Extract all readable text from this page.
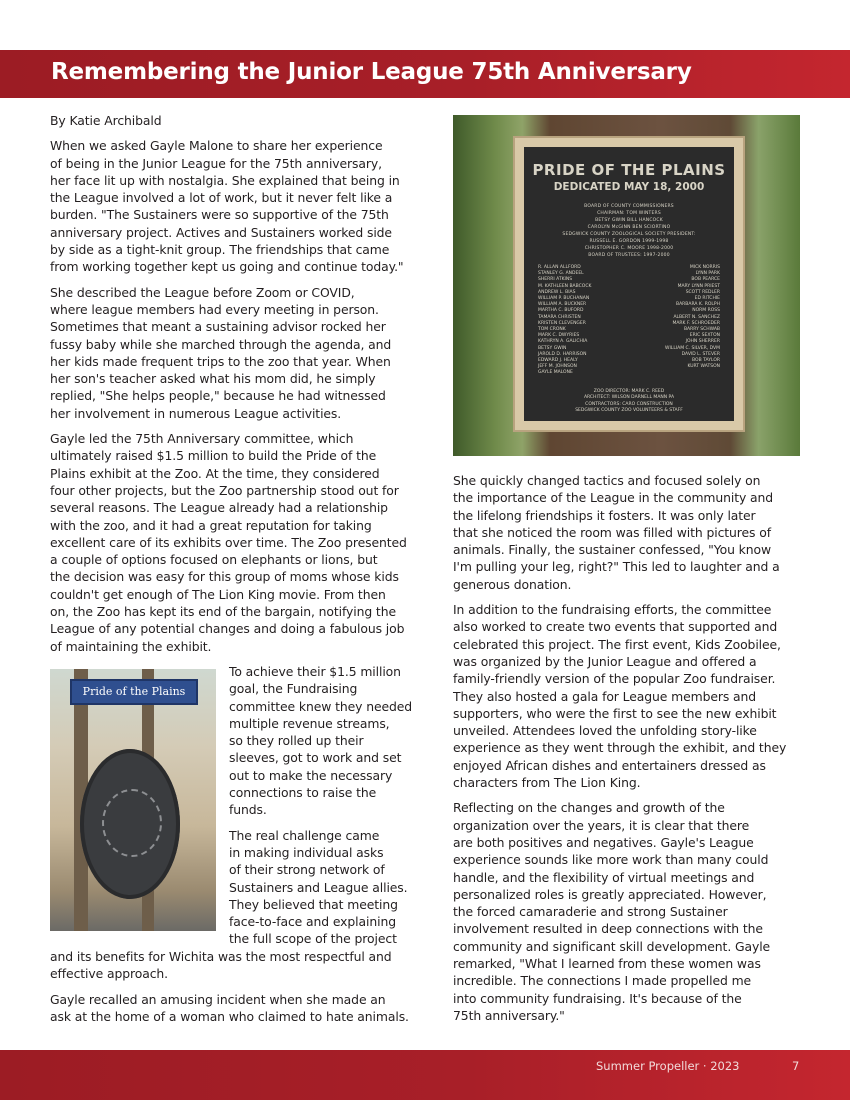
Remembering the Junior League 75th Anniversary

By Katie Archibald

When we asked Gayle Malone to share her experience
of being in the Junior League for the 75th anniversary,
her face lit up with nostalgia. She explained that being in
the League involved a lot of work, but it never felt like a
burden. "The Sustainers were so supportive of the 75th
anniversary project. Actives and Sustainers worked side
by side as a tight-knit group. The friendships that came
from working together kept us going and continue today."

She described the League before Zoom or COVID,
where league members had every meeting in person.
Sometimes that meant a sustaining advisor rocked her
fussy baby while she marched through the agenda, and
her kids made frequent trips to the zoo that year. When
her son's teacher asked what his mom did, he simply
replied, "She helps people," because he had witnessed
her involvement in numerous League activities.

Gayle led the 75th Anniversary committee, which
ultimately raised $1.5 million to build the Pride of the
Plains exhibit at the Zoo. At the time, they considered
four other projects, but the Zoo partnership stood out for
several reasons. The League already had a relationship
with the zoo, and it had a great reputation for taking
excellent care of its exhibits over time. The Zoo presented
a couple of options focused on elephants or lions, but
the decision was easy for this group of moms whose kids
couldn't get enough of The Lion King movie. From then
on, the Zoo has kept its end of the bargain, notifying the
League of any potential changes and doing a fabulous job
of maintaining the exhibit.

Pride of the Plains

To achieve their $1.5 million
goal, the Fundraising
committee knew they needed
multiple revenue streams,
so they rolled up their
sleeves, got to work and set
out to make the necessary
connections to raise the
funds.

The real challenge came
in making individual asks
of their strong network of
Sustainers and League allies.
They believed that meeting
face-to-face and explaining
the full scope of the project

and its benefits for Wichita was the most respectful and
effective approach.

Gayle recalled an amusing incident when she made an
ask at the home of a woman who claimed to hate animals.

PRIDE OF THE PLAINS
DEDICATED MAY 18, 2000
BOARD OF COUNTY COMMISSIONERS
CHAIRMAN: TOM WINTERS
BETSY GWIN BILL HANCOCK
CAROLYN McGINN BEN SCIORTINO
SEDGWICK COUNTY ZOOLOGICAL SOCIETY PRESIDENT:
RUSSELL E. GORDON 1999-1998
CHRISTOPHER C. MOORE 1998-2000
BOARD OF TRUSTEES: 1997-2000
R. ALLAN ALLFORD
STANLEY G. ANDEEL
SHERRI ATKINS
M. KATHLEEN BABCOCK
ANDREW L. BIAS
WILLIAM P. BUCHANAN
WILLIAM A. BUCKNER
MARTHA C. BUFORD
TAMARA CHRISTEN
KRISTEN CLEVENGER
TOM CRONK
MARK C. DWYRIES
KATHRYN A. GALICHIA
BETSY GWIN
JAROLD D. HARRISON
EDWARD J. HEALY
JEFF M. JOHNSON
GAYLE MALONE
MICK NORRIS
LYNN PARK
BOB PEARCE
MARY LYNN PRIEST
SCOTT REDLER
ED RITCHIE
BARBARA K. ROLPH
NORM ROSS
ALBERT N. SANCHEZ
MARK F. SCHROEDER
BARRY SCHWAB
ERIC SEXTON
JOHN SHERRER
WILLIAM C. SILVER, DVM
DAVID L. STEVER
BOB TAYLOR
KURT WATSON
ZOO DIRECTOR: MARK C. REED
ARCHITECT: WILSON DARNELL MANN PA
CONTRACTORS: CARO CONSTRUCTION
SEDGWICK COUNTY ZOO VOLUNTEERS & STAFF

She quickly changed tactics and focused solely on
the importance of the League in the community and
the lifelong friendships it fosters. It was only later
that she noticed the room was filled with pictures of
animals. Finally, the sustainer confessed, "You know
I'm pulling your leg, right?" This led to laughter and a
generous donation.

In addition to the fundraising efforts, the committee
also worked to create two events that supported and
celebrated this project. The first event, Kids Zoobilee,
was organized by the Junior League and offered a
family-friendly version of the popular Zoo fundraiser.
They also hosted a gala for League members and
supporters, who were the first to see the new exhibit
unveiled. Attendees loved the unfolding story-like
experience as they went through the exhibit, and they
enjoyed African dishes and entertainers dressed as
characters from The Lion King.

Reflecting on the changes and growth of the
organization over the years, it is clear that there
are both positives and negatives. Gayle's League
experience sounds like more work than many could
handle, and the flexibility of virtual meetings and
personalized roles is greatly appreciated. However,
the forced camaraderie and strong Sustainer
involvement resulted in deep connections with the
community and significant skill development. Gayle
remarked, "What I learned from these women was
incredible. The connections I made propelled me
into community fundraising. It's because of the
75th anniversary."

Summer Propeller · 2023	7
